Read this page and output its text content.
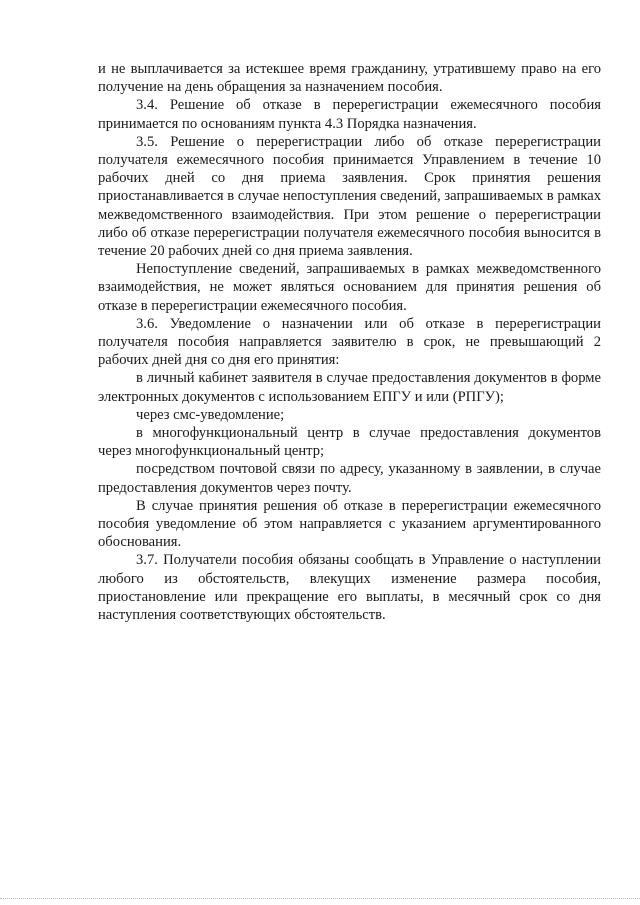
и не выплачивается за истекшее время гражданину, утратившему право на его получение на день обращения за назначением пособия.

3.4. Решение об отказе в перерегистрации ежемесячного пособия принимается по основаниям пункта 4.3 Порядка назначения.

3.5. Решение о перерегистрации либо об отказе перерегистрации получателя ежемесячного пособия принимается Управлением в течение 10 рабочих дней со дня приема заявления. Срок принятия решения приостанавливается в случае непоступления сведений, запрашиваемых в рамках межведомственного взаимодействия. При этом решение о перерегистрации либо об отказе перерегистрации получателя ежемесячного пособия выносится в течение 20 рабочих дней со дня приема заявления.

Непоступление сведений, запрашиваемых в рамках межведомственного взаимодействия, не может являться основанием для принятия решения об отказе в перерегистрации ежемесячного пособия.

3.6. Уведомление о назначении или об отказе в перерегистрации получателя пособия направляется заявителю в срок, не превышающий 2 рабочих дней дня со дня его принятия:

в личный кабинет заявителя в случае предоставления документов в форме электронных документов с использованием ЕПГУ и или (РПГУ);

через смс-уведомление;

в многофункциональный центр в случае предоставления документов через многофункциональный центр;

посредством почтовой связи по адресу, указанному в заявлении, в случае предоставления документов через почту.

В случае принятия решения об отказе в перерегистрации ежемесячного пособия уведомление об этом направляется с указанием аргументированного обоснования.

3.7. Получатели пособия обязаны сообщать в Управление о наступлении любого из обстоятельств, влекущих изменение размера пособия, приостановление или прекращение его выплаты, в месячный срок со дня наступления соответствующих обстоятельств.
